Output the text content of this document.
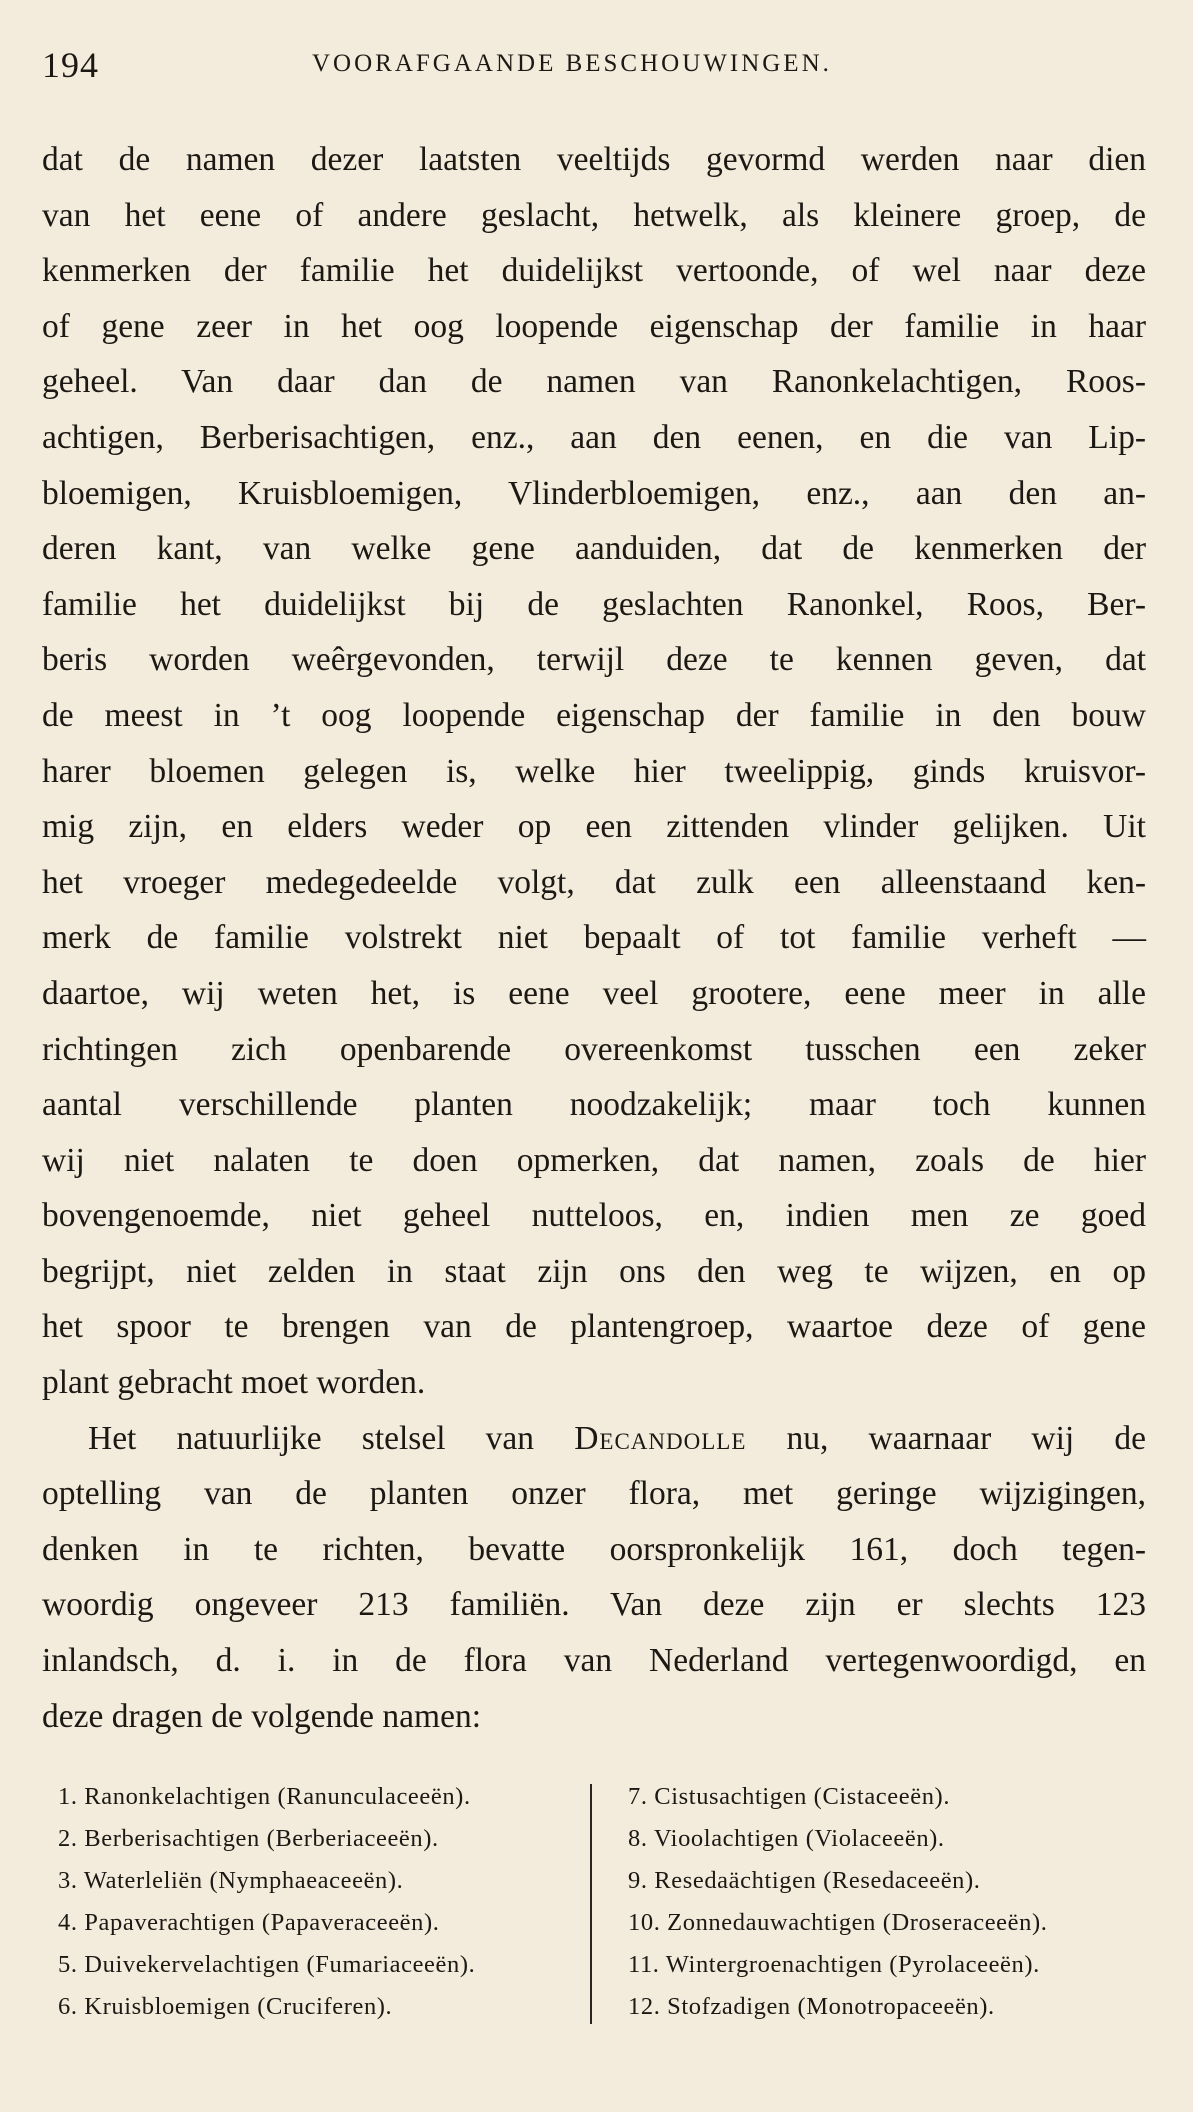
194	VOORAFGAANDE BESCHOUWINGEN.
dat de namen dezer laatsten veeltijds gevormd werden naar dien
van het eene of andere geslacht, hetwelk, als kleinere groep, de
kenmerken der familie het duidelijkst vertoonde, of wel naar deze
of gene zeer in het oog loopende eigenschap der familie in haar
geheel. Van daar dan de namen van Ranonkelachtigen, Roos-
achtigen, Berberisachtigen, enz., aan den eenen, en die van Lip-
bloemigen, Kruisbloemigen, Vlinderbloemigen, enz., aan den an-
deren kant, van welke gene aanduiden, dat de kenmerken der
familie het duidelijkst bij de geslachten Ranonkel, Roos, Ber-
beris worden weêrgevonden, terwijl deze te kennen geven, dat
de meest in ’t oog loopende eigenschap der familie in den bouw
harer bloemen gelegen is, welke hier tweelippig, ginds kruisvor-
mig zijn, en elders weder op een zittenden vlinder gelijken. Uit
het vroeger medegedeelde volgt, dat zulk een alleenstaand ken-
merk de familie volstrekt niet bepaalt of tot familie verheft —
daartoe, wij weten het, is eene veel grootere, eene meer in alle
richtingen zich openbarende overeenkomst tusschen een zeker
aantal verschillende planten noodzakelijk; maar toch kunnen
wij niet nalaten te doen opmerken, dat namen, zoals de hier
bovengenoemde, niet geheel nutteloos, en, indien men ze goed
begrijpt, niet zelden in staat zijn ons den weg te wijzen, en op
het spoor te brengen van de plantengroep, waartoe deze of gene
plant gebracht moet worden.
Het natuurlijke stelsel van Decandolle nu, waarnaar wij de
optelling van de planten onzer flora, met geringe wijzigingen,
denken in te richten, bevatte oorspronkelijk 161, doch tegen-
woordig ongeveer 213 familiën. Van deze zijn er slechts 123
inlandsch, d. i. in de flora van Nederland vertegenwoordigd, en
deze dragen de volgende namen:
1. Ranonkelachtigen (Ranunculaceeën).
2. Berberisachtigen (Berberiaceeën).
3. Waterleliën (Nymphaeaceeën).
4. Papaverachtigen (Papaveraceeën).
5. Duivekervelachtigen (Fumariaceeën).
6. Kruisbloemigen (Cruciferen).
7. Cistusachtigen (Cistaceeën).
8. Vioolachtigen (Violaceeën).
9. Resedaächtigen (Resedaceeën).
10. Zonnedauwachtigen (Droseraceeën).
11. Wintergroenachtigen (Pyrolaceeën).
12. Stofzadigen (Monotropaceeën).
